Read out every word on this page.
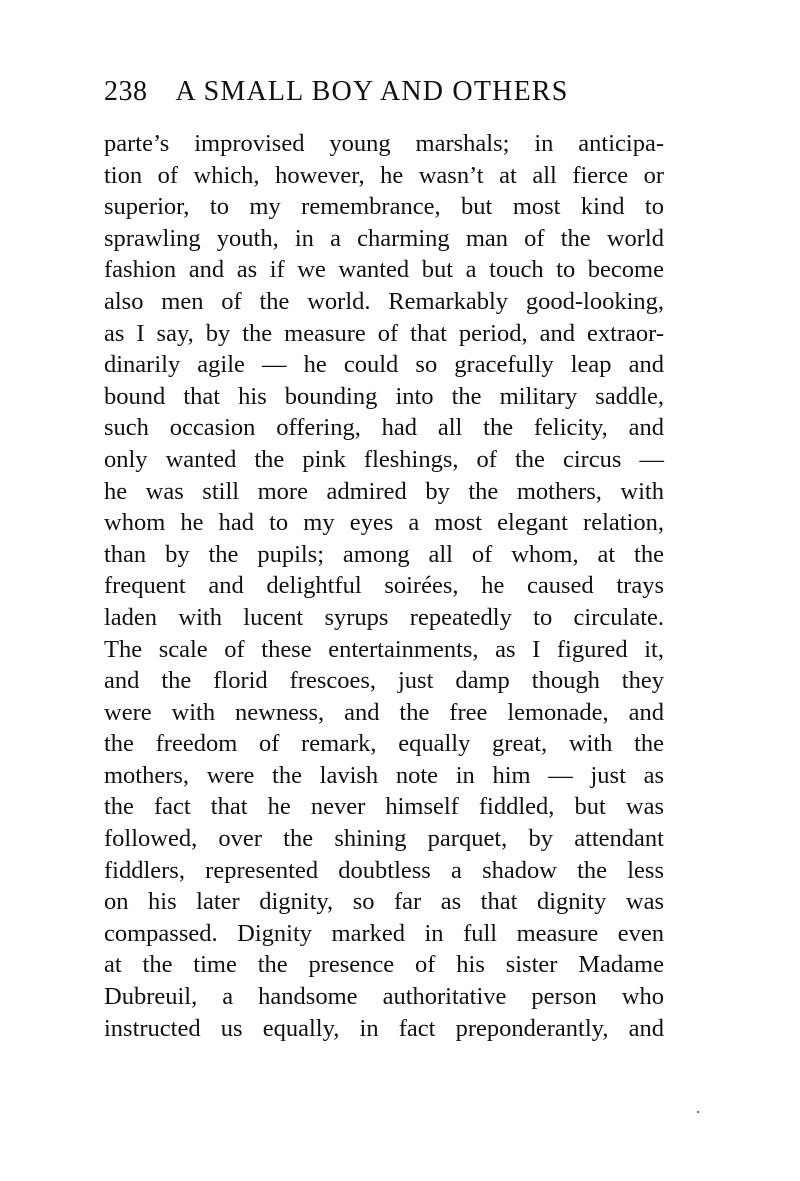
238 A SMALL BOY AND OTHERS
parte’s improvised young marshals; in anticipa-
tion of which, however, he wasn’t at all fierce or
superior, to my remembrance, but most kind to
sprawling youth, in a charming man of the world
fashion and as if we wanted but a touch to become
also men of the world. Remarkably good-looking,
as I say, by the measure of that period, and extraor-
dinarily agile — he could so gracefully leap and
bound that his bounding into the military saddle,
such occasion offering, had all the felicity, and
only wanted the pink fleshings, of the circus —
he was still more admired by the mothers, with
whom he had to my eyes a most elegant relation,
than by the pupils; among all of whom, at the
frequent and delightful soirées, he caused trays
laden with lucent syrups repeatedly to circulate.
The scale of these entertainments, as I figured it,
and the florid frescoes, just damp though they
were with newness, and the free lemonade, and
the freedom of remark, equally great, with the
mothers, were the lavish note in him — just as
the fact that he never himself fiddled, but was
followed, over the shining parquet, by attendant
fiddlers, represented doubtless a shadow the less
on his later dignity, so far as that dignity was
compassed. Dignity marked in full measure even
at the time the presence of his sister Madame
Dubreuil, a handsome authoritative person who
instructed us equally, in fact preponderantly, and
